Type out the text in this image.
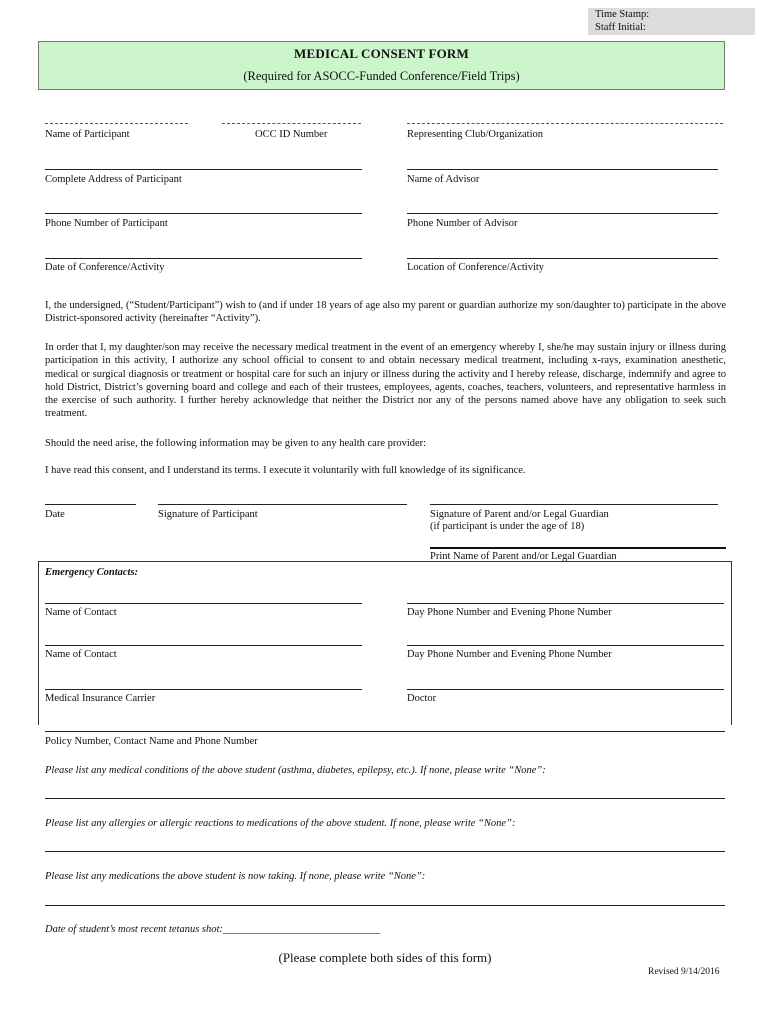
Time Stamp:
Staff Initial:
MEDICAL CONSENT FORM
(Required for ASOCC-Funded Conference/Field Trips)
Name of Participant	OCC ID Number	Representing Club/Organization
Complete Address of Participant	Name of Advisor
Phone Number of Participant	Phone Number of Advisor
Date of Conference/Activity	Location of Conference/Activity
I, the undersigned, (“Student/Participant”) wish to (and if under 18 years of age also my parent or guardian authorize my son/daughter to) participate in the above District-sponsored activity (hereinafter “Activity”).
In order that I, my daughter/son may receive the necessary medical treatment in the event of an emergency whereby I, she/he may sustain injury or illness during participation in this activity, I authorize any school official to consent to and obtain necessary medical treatment, including x-rays, examination anesthetic, medical or surgical diagnosis or treatment or hospital care for such an injury or illness during the activity and I hereby release, discharge, indemnify and agree to hold District, District’s governing board and college and each of their trustees, employees, agents, coaches, teachers, volunteers, and representative harmless in the exercise of such authority. I further hereby acknowledge that neither the District nor any of the persons named above have any obligation to seek such treatment.
Should the need arise, the following information may be given to any health care provider:
I have read this consent, and I understand its terms. I execute it voluntarily with full knowledge of its significance.
Date	Signature of Participant	Signature of Parent and/or Legal Guardian
(if participant is under the age of 18)
Print Name of Parent and/or Legal Guardian
Emergency Contacts:
Name of Contact	Day Phone Number and Evening Phone Number
Name of Contact	Day Phone Number and Evening Phone Number
Medical Insurance Carrier	Doctor
Policy Number, Contact Name and Phone Number
Please list any medical conditions of the above student (asthma, diabetes, epilepsy, etc.). If none, please write “None”:
Please list any allergies or allergic reactions to medications of the above student. If none, please write “None”:
Please list any medications the above student is now taking. If none, please write “None”:
Date of student’s most recent tetanus shot:______________________________
(Please complete both sides of this form)
Revised 9/14/2016
